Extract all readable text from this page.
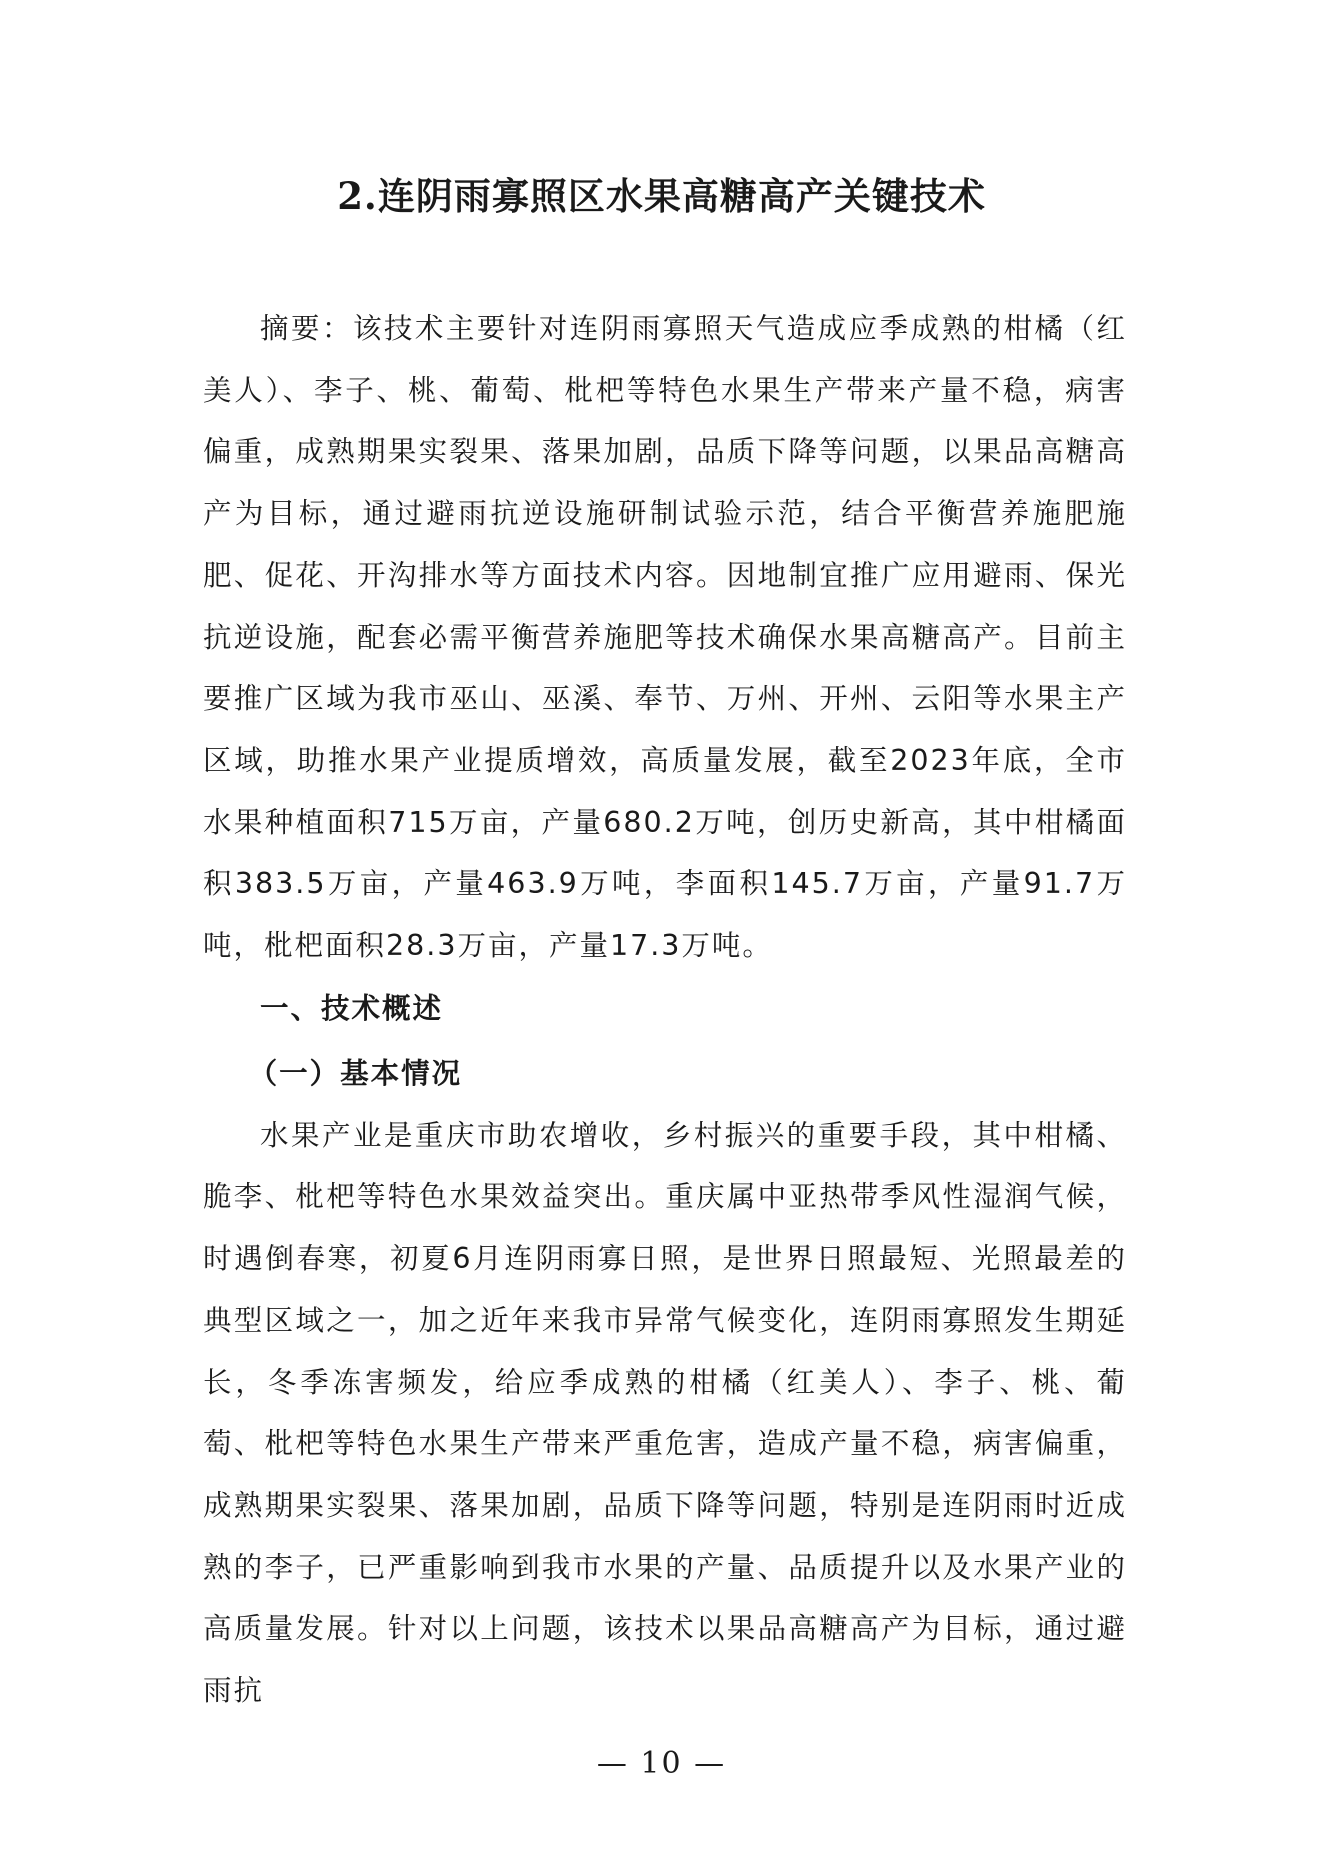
2.连阴雨寡照区水果高糖高产关键技术

摘要：该技术主要针对连阴雨寡照天气造成应季成熟的柑橘（红美人）、李子、桃、葡萄、枇杷等特色水果生产带来产量不稳，病害偏重，成熟期果实裂果、落果加剧，品质下降等问题，以果品高糖高产为目标，通过避雨抗逆设施研制试验示范，结合平衡营养施肥施肥、促花、开沟排水等方面技术内容。因地制宜推广应用避雨、保光抗逆设施，配套必需平衡营养施肥等技术确保水果高糖高产。目前主要推广区域为我市巫山、巫溪、奉节、万州、开州、云阳等水果主产区域，助推水果产业提质增效，高质量发展，截至2023年底，全市水果种植面积715万亩，产量680.2万吨，创历史新高，其中柑橘面积383.5万亩，产量463.9万吨，李面积145.7万亩，产量91.7万吨，枇杷面积28.3万亩，产量17.3万吨。

一、技术概述

（一）基本情况

水果产业是重庆市助农增收，乡村振兴的重要手段，其中柑橘、脆李、枇杷等特色水果效益突出。重庆属中亚热带季风性湿润气候，时遇倒春寒，初夏6月连阴雨寡日照，是世界日照最短、光照最差的典型区域之一，加之近年来我市异常气候变化，连阴雨寡照发生期延长，冬季冻害频发，给应季成熟的柑橘（红美人）、李子、桃、葡萄、枇杷等特色水果生产带来严重危害，造成产量不稳，病害偏重，成熟期果实裂果、落果加剧，品质下降等问题，特别是连阴雨时近成熟的李子，已严重影响到我市水果的产量、品质提升以及水果产业的高质量发展。针对以上问题，该技术以果品高糖高产为目标，通过避雨抗

— 10 —
